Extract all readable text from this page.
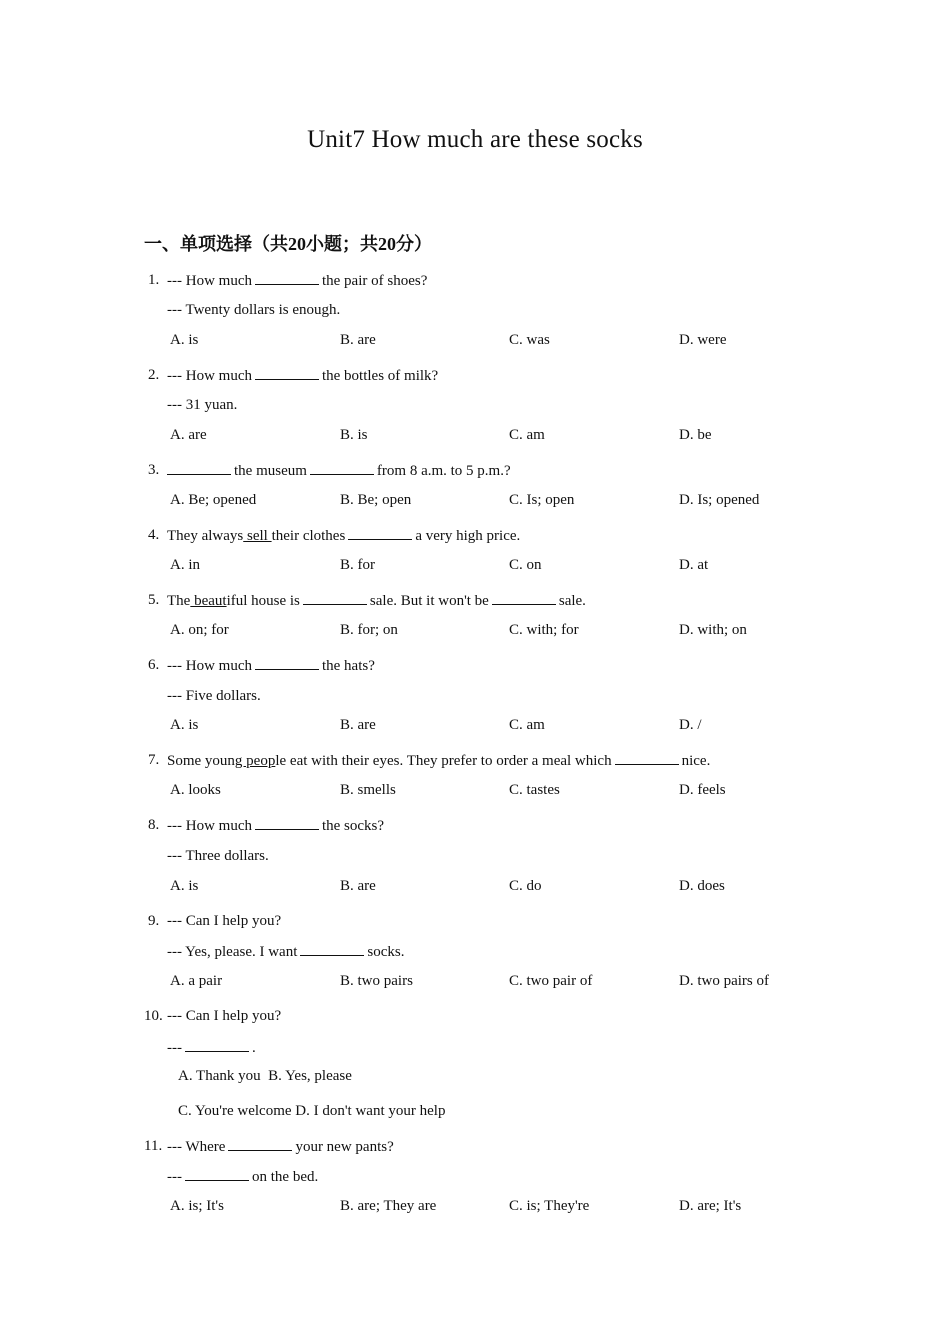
Unit7 How much are these socks
一、单项选择（共20小题；共20分）
1. --- How much	the pair of shoes?
--- Twenty dollars is enough.
A. is	B. are	C. was	D. were
2. --- How much	the bottles of milk?
--- 31 yuan.
A. are	B. is	C. am	D. be
3.	the museum	from 8 a.m. to 5 p.m.?
A. Be; opened	B. Be; open	C. Is; open	D. Is; opened
4. They always sell their clothes	a very high price.
A. in	B. for	C. on	D. at
5. The beautiful house is	sale. But it won't be	sale.
A. on; for	B. for; on	C. with; for	D. with; on
6. --- How much	the hats?
--- Five dollars.
A. is	B. are	C. am	D. /
7. Some young people eat with their eyes. They prefer to order a meal which	nice.
A. looks	B. smells	C. tastes	D. feels
8. --- How much	the socks?
--- Three dollars.
A. is	B. are	C. do	D. does
9. --- Can I help you?
--- Yes, please. I want	socks.
A. a pair	B. two pairs	C. two pair of	D. two pairs of
10. --- Can I help you?
---	.
A. Thank you  B. Yes, please
C. You're welcome D. I don't want your help
11. --- Where	your new pants?
---	on the bed.
A. is; It's	B. are; They are	C. is; They're	D. are; It's
